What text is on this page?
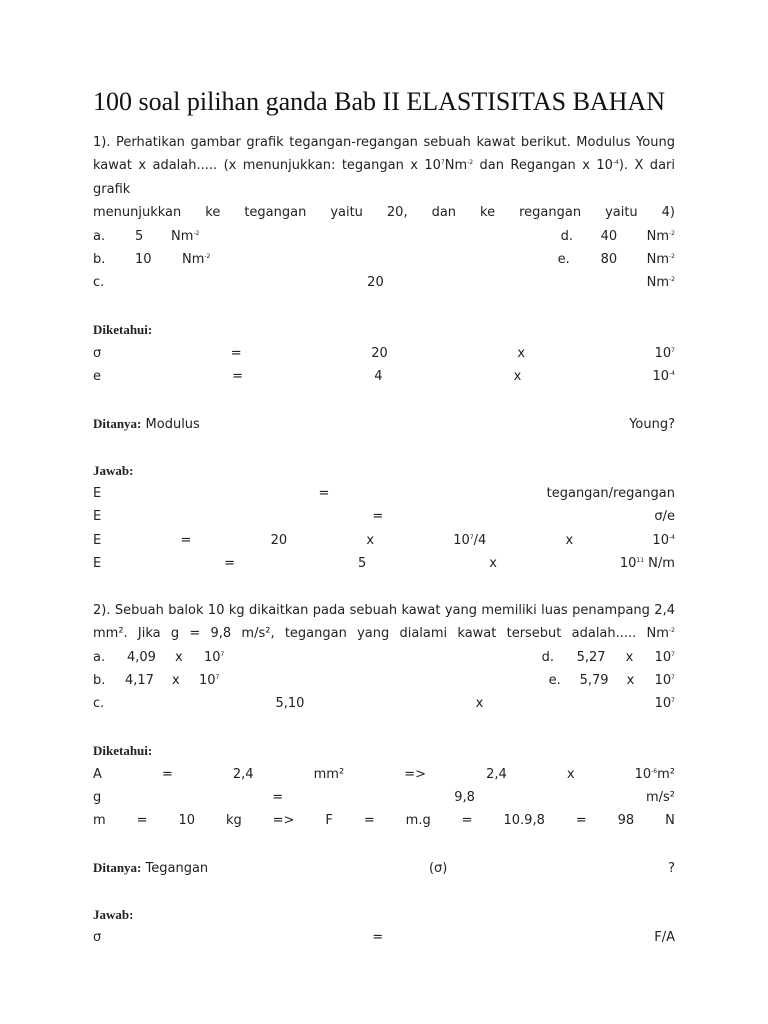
100 soal pilihan ganda Bab II ELASTISITAS BAHAN
1). Perhatikan gambar grafik tegangan-regangan sebuah kawat berikut. Modulus Young
kawat x adalah..... (x menunjukkan: tegangan x $10^7Nm^{-2}$ dan Regangan x $10^{-4}$). X dari grafik
menunjukkan ke tegangan yaitu 20, dan ke regangan yaitu 4)
a.	5	$Nm^{-2}$	d.	40	$Nm^{-2}$
b.	10	$Nm^{-2}$	e.	80	$Nm^{-2}$
c.	20	$Nm^{-2}$
Diketahui:
σ	=	20	x	$10^7$
e	=	4	x	$10^{-4}$
Ditanya: Modulus	Young?
Jawab:
E	=	tegangan/regangan
E	=	σ/e
E	=	20	x	$10^7/4$	x	$10^{-4}$
E	=	5	x	$10^{11}$ N/m
2). Sebuah balok 10 kg dikaitkan pada sebuah kawat yang memiliki luas penampang 2,4
mm². Jika g = 9,8 m/s², tegangan yang dialami kawat tersebut adalah..... $Nm^{-2}$
a.	4,09	x	$10^7$	d.	5,27	x	$10^7$
b.	4,17	x	$10^7$	e.	5,79	x	$10^7$
c.	5,10	x	$10^7$
Diketahui:
A	=	2,4	mm²	=>	2,4	x	$10^{-6}m^2$
g	=	9,8	m/s²
m = 10 kg => F = m.g = 10.9,8 = 98 N
Ditanya: Tegangan	(σ)	?
Jawab:
σ	=	F/A
